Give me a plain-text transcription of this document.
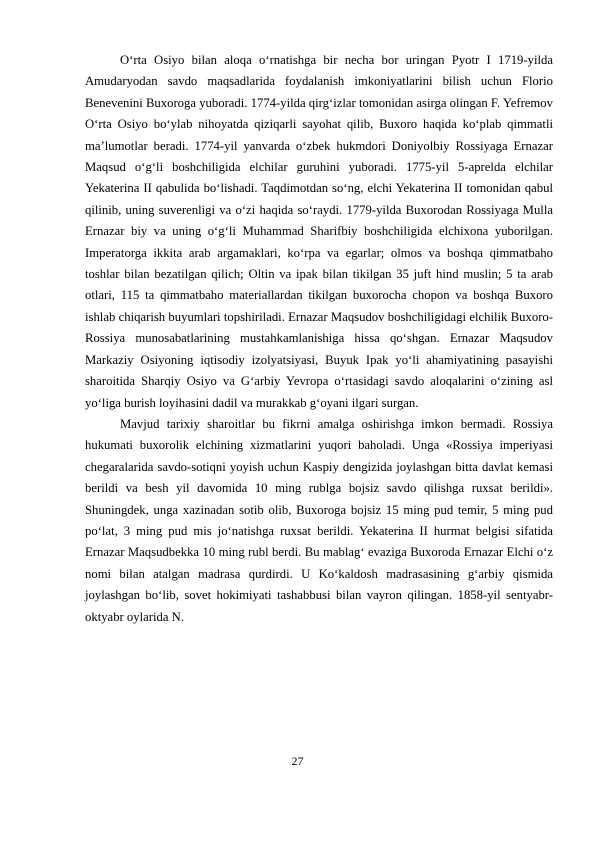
O‘rta Osiyo bilan aloqa o‘rnatishga bir necha bor uringan Pyotr I 1719-yilda Amudaryodan savdo maqsadlarida foydalanish imkoniyatlarini bilish uchun Florio Benevenini Buxoroga yuboradi. 1774-yilda qirg‘izlar tomonidan asirga olingan F. Yefremov O‘rta Osiyo bo‘ylab nihoyatda qiziqarli sayohat qilib, Buxoro haqida ko‘plab qimmatli ma’lumotlar beradi. 1774-yil yanvarda o‘zbek hukmdori Doniyolbiy Rossiyaga Ernazar Maqsud o‘g‘li boshchiligida elchilar guruhini yuboradi. 1775-yil 5-aprelda elchilar Yekaterina II qabulida bo‘lishadi. Taqdimotdan so‘ng, elchi Yekaterina II tomonidan qabul qilinib, uning suverenligi va o‘zi haqida so‘raydi. 1779-yilda Buxorodan Rossiyaga Mulla Ernazar biy va uning o‘g‘li Muhammad Sharifbiy boshchiligida elchixona yuborilgan. Imperatorga ikkita arab argamaklari, ko‘rpa va egarlar; olmos va boshqa qimmatbaho toshlar bilan bezatilgan qilich; Oltin va ipak bilan tikilgan 35 juft hind muslin; 5 ta arab otlari, 115 ta qimmatbaho materiallardan tikilgan buxorocha chopon va boshqa Buxoro ishlab chiqarish buyumlari topshiriladi. Ernazar Maqsudov boshchiligidagi elchilik Buxoro-Rossiya munosabatlarining mustahkamlanishiga hissa qo‘shgan. Ernazar Maqsudov Markaziy Osiyoning iqtisodiy izolyatsiyasi, Buyuk Ipak yo‘li ahamiyatining pasayishi sharoitida Sharqiy Osiyo va G‘arbiy Yevropa o‘rtasidagi savdo aloqalarini o‘zining asl yo‘liga burish loyihasini dadil va murakkab g‘oyani ilgari surgan.

Mavjud tarixiy sharoitlar bu fikrni amalga oshirishga imkon bermadi. Rossiya hukumati buxorolik elchining xizmatlarini yuqori baholadi. Unga «Rossiya imperiyasi chegaralarida savdo-sotiqni yoyish uchun Kaspiy dengizida joylashgan bitta davlat kemasi berildi va besh yil davomida 10 ming rublga bojsiz savdo qilishga ruxsat berildi». Shuningdek, unga xazinadan sotib olib, Buxoroga bojsiz 15 ming pud temir, 5 ming pud po‘lat, 3 ming pud mis jo‘natishga ruxsat berildi. Yekaterina II hurmat belgisi sifatida Ernazar Maqsudbekka 10 ming rubl berdi. Bu mablag‘ evaziga Buxoroda Ernazar Elchi o‘z nomi bilan atalgan madrasa qurdirdi. U Ko‘kaldosh madrasasining g‘arbiy qismida joylashgan bo‘lib, sovet hokimiyati tashabbusi bilan vayron qilingan. 1858-yil sentyabr-oktyabr oylarida N.

27
